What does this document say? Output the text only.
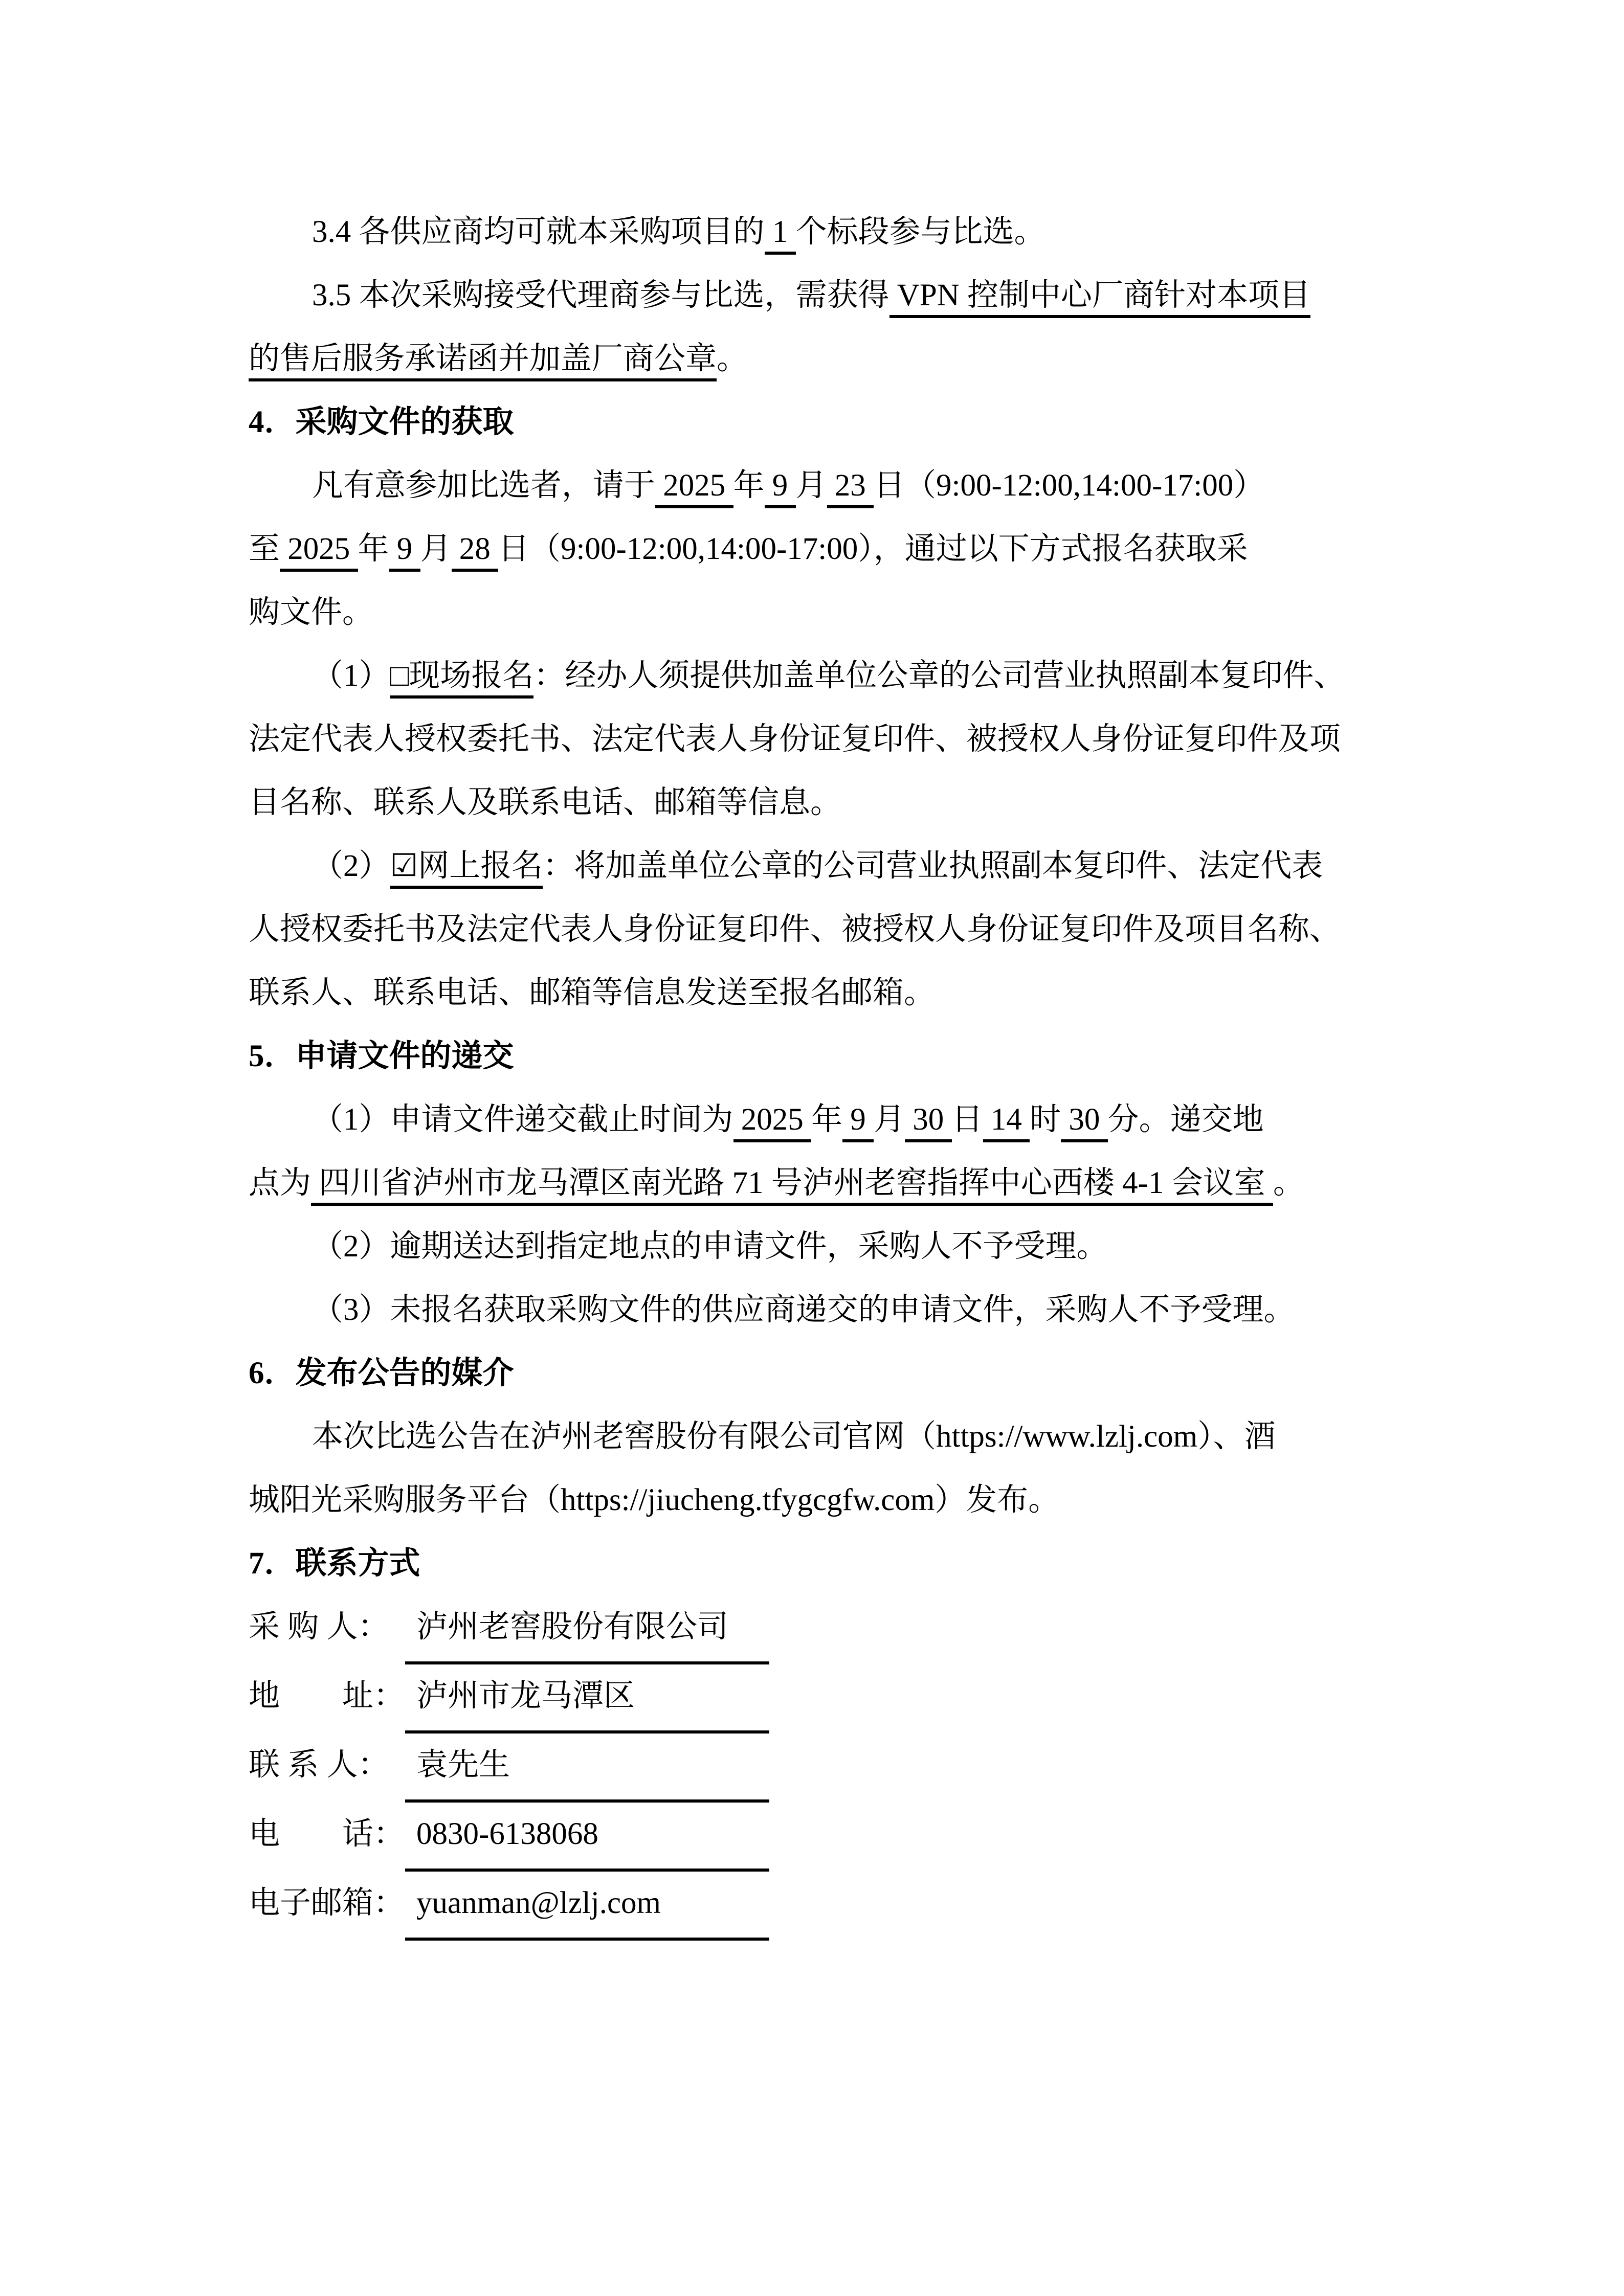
3.4 各供应商均可就本采购项目的 1 个标段参与比选。
3.5 本次采购接受代理商参与比选，需获得 VPN 控制中心厂商针对本项目
的售后服务承诺函并加盖厂商公章。
4．采购文件的获取
凡有意参加比选者，请于 2025 年 9 月 23 日（9:00-12:00,14:00-17:00）
至 2025 年 9 月 28 日（9:00-12:00,14:00-17:00），通过以下方式报名获取采
购文件。
（1）□现场报名：经办人须提供加盖单位公章的公司营业执照副本复印件、
法定代表人授权委托书、法定代表人身份证复印件、被授权人身份证复印件及项
目名称、联系人及联系电话、邮箱等信息。
（2）☑网上报名：将加盖单位公章的公司营业执照副本复印件、法定代表
人授权委托书及法定代表人身份证复印件、被授权人身份证复印件及项目名称、
联系人、联系电话、邮箱等信息发送至报名邮箱。
5．申请文件的递交
（1）申请文件递交截止时间为 2025 年 9 月 30 日 14 时 30 分。递交地
点为 四川省泸州市龙马潭区南光路 71 号泸州老窖指挥中心西楼 4-1 会议室 。
（2）逾期送达到指定地点的申请文件，采购人不予受理。
（3）未报名获取采购文件的供应商递交的申请文件，采购人不予受理。
6．发布公告的媒介
本次比选公告在泸州老窖股份有限公司官网（https://www.lzlj.com）、酒
城阳光采购服务平台（https://jiucheng.tfygcgfw.com）发布。
7．联系方式
采 购 人： 泸州老窖股份有限公司
地　　址： 泸州市龙马潭区
联 系 人： 袁先生
电　　话： 0830-6138068
电子邮箱： yuanman@lzlj.com
